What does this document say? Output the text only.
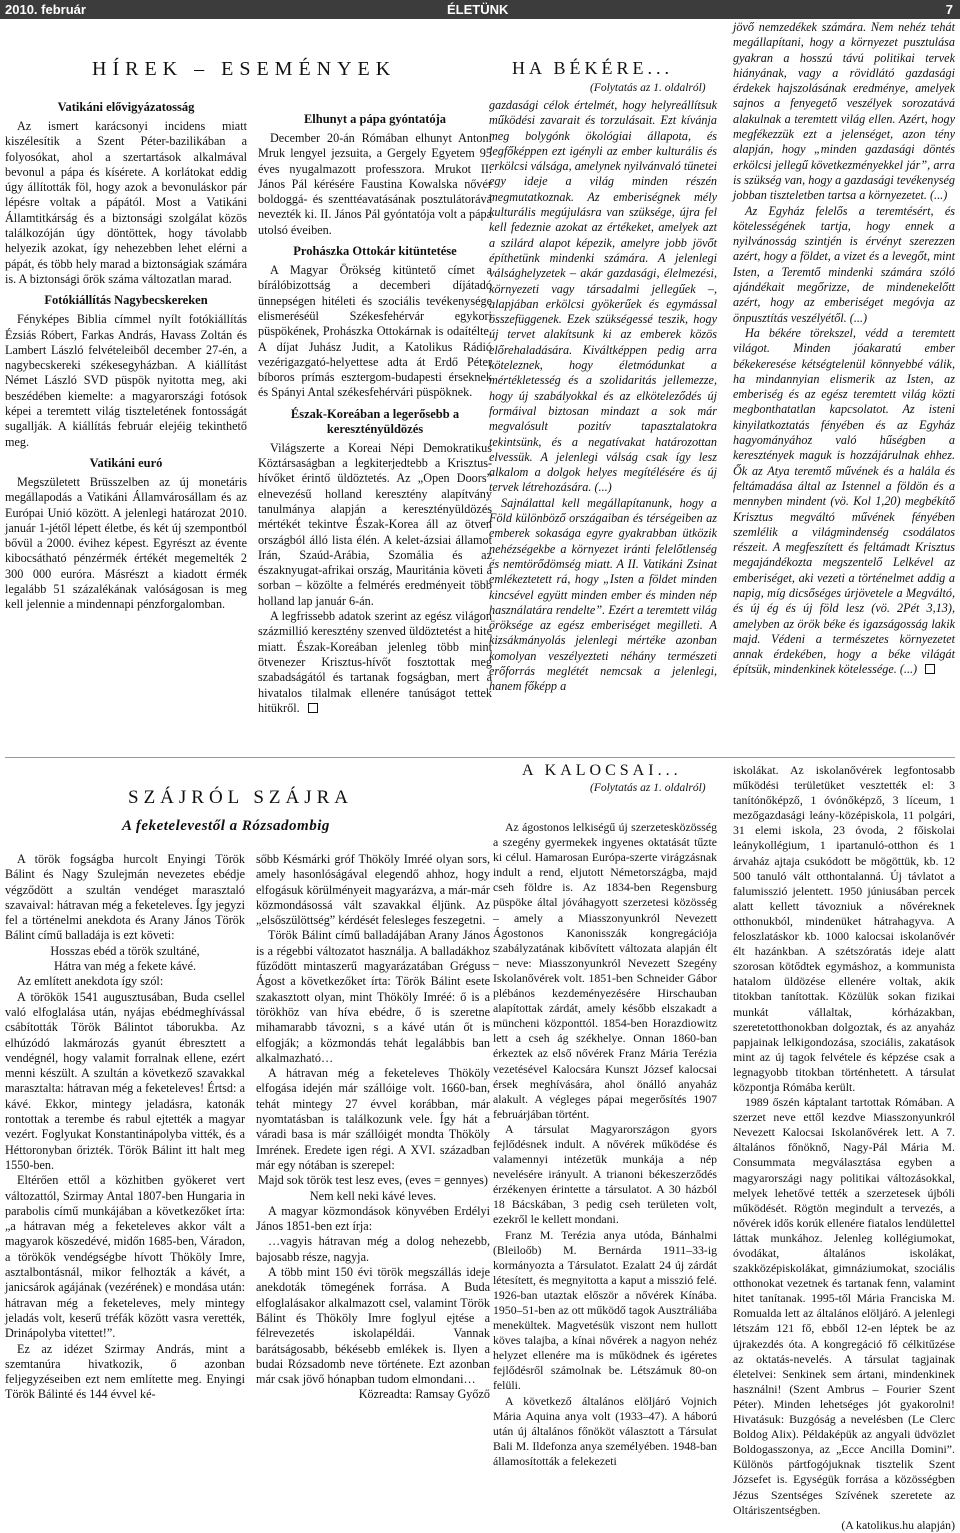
2010. február	ÉLETÜNK	7
HÍREK – ESEMÉNYEK
Vatikáni elővigyázatosság

Az ismert karácsonyi incidens miatt kiszélesítik a Szent Péter-bazilikában a folyosókat, ahol a szertartások alkalmával bevonul a pápa és kísérete. A korlátokat eddig úgy állították föl, hogy azok a bevonuláskor pár lépésre voltak a pápától. Most a Vatikáni Államtitkárság és a biztonsági szolgálat közös találkozóján úgy döntöttek, hogy távolabb helyezik azokat, így nehezebben lehet elérni a pápát, és több hely marad a biztonságiak számára is. A biztonsági őrök száma változatlan marad.

Fotókiállítás Nagybecskereken

Fényképes Biblia címmel nyílt fotókiállítás Ézsiás Róbert, Farkas András, Havass Zoltán és Lambert László felvételeiből december 27-én, a nagybecskereki székesegyházban. A kiállítást Német László SVD püspök nyitotta meg, aki beszédében kiemelte: a magyarországi fotósok képei a teremtett világ tiszteletének fontosságát sugallják. A kiállítás február elejéig tekinthető meg.

Vatikáni euró

Megszületett Brüsszelben az új monetáris megállapodás a Vatikáni Államvárosállam és az Európai Unió között. A jelenlegi határozat 2010. január 1-jétől lépett életbe, és két új szempontból bővül a 2000. évihez képest. Egyrészt az évente kibocsátható pénzérmék értékét megemelték 2 300 000 euróra. Másrészt a kiadott érmék legalább 51 százalékának valóságosan is meg kell jelennie a mindennapi pénzforgalomban.

Elhunyt a pápa gyóntatója

December 20-án Rómában elhunyt Antoni Mruk lengyel jezsuita, a Gergely Egyetem 95 éves nyugalmazott professzora. Mrukot II. János Pál kérésére Faustina Kowalska nővér boldoggá- és szenttéavatásának posztulátorává nevezték ki. II. János Pál gyóntatója volt a pápa utolsó éveiben.

Prohászka Ottokár kitüntetése

A Magyar Örökség kitüntető címet a bírálóbizottság a decemberi díjátadó ünnepségen hitéleti és szociális tevékenysége elismeréséül Székesfehérvár egykori püspökének, Prohászka Ottokárnak is odaítélte. A díjat Juhász Judit, a Katolikus Rádió vezérigazgató-helyettese adta át Erdő Péter bíboros prímás esztergom-budapesti érseknek és Spányi Antal székesfehérvári püspöknek.

Észak-Koreában a legerősebb a keresztényüldözés

Világszerte a Koreai Népi Demokratikus Köztársaságban a legkiterjedtebb a Krisztus-hívőket érintő üldöztetés. Az „Open Doors” elnevezésű holland keresztény alapítvány tanulmánya alapján a keresztényüldözés mértékét tekintve Észak-Korea áll az ötven országból álló lista élén. A kelet-ázsiai államot Irán, Szaúd-Arábia, Szomália és az északnyugat-afrikai ország, Mauritánia követi a sorban – közölte a felmérés eredményeit több holland lap január 6-án.

A legfrissebb adatok szerint az egész világon százmillió keresztény szenved üldöztetést a hite miatt. Észak-Koreában jelenleg több mint ötvenezer Krisztus-hívőt fosztottak meg szabadságától és tartanak fogságban, mert a hivatalos tilalmak ellenére tanúságot tettek hitükről.

HA BÉKÉRE...
(Folytatás az 1. oldalról)

gazdasági célok értelmét, hogy helyreállítsuk működési zavarait és torzulásait. Ezt kívánja meg bolygónk ökológiai állapota, és legfőképpen ezt igényli az ember kulturális és erkölcsi válsága, amelynek nyilvánvaló tünetei egy ideje a világ minden részén megmutatkoznak. Az emberiségnek mély kulturális megújulásra van szüksége, újra fel kell fedeznie azokat az értékeket, amelyek azt a szilárd alapot képezik, amelyre jobb jövőt építhetünk mindenki számára. A jelenlegi válsághelyzetek – akár gazdasági, élelmezési, környezeti vagy társadalmi jellegűek –, alapjában erkölcsi gyökerűek és egymással összefüggenek. Ezek szükségessé teszik, hogy új tervet alakítsunk ki az emberek közös előrehaladására. Kiváltképpen pedig arra köteleznek, hogy életmódunkat a mértékletesség és a szolidaritás jellemezze, hogy új szabályokkal és az elköteleződés új formáival biztosan mindazt a sok már megvalósult pozitív tapasztalatokra tekintsünk, és a negatívakat határozottan elvessük. A jelenlegi válság csak így lesz alkalom a dolgok helyes megítélésére és új tervek létrehozására. (...)

Sajnálattal kell megállapítanunk, hogy a Föld különböző országaiban és térségeiben az emberek sokasága egyre gyakrabban ütközik nehézségekbe a környezet iránti felelőtlenség és nemtörődömség miatt. A II. Vatikáni Zsinat emlékeztetett rá, hogy „Isten a földet minden kincsével együtt minden ember és minden nép használatára rendelte”. Ezért a teremtett világ öröksége az egész emberiséget megilleti. A kizsákmányolás jelenlegi mértéke azonban komolyan veszélyezteti néhány természeti erőforrás meglétét nemcsak a jelenlegi, hanem főképp a

jövő nemzedékek számára. Nem nehéz tehát megállapítani, hogy a környezet pusztulása gyakran a hosszú távú politikai tervek hiányának, vagy a rövidlátó gazdasági érdekek hajszolásának eredménye, amelyek sajnos a fenyegető veszélyek sorozatává alakulnak a teremtett világ ellen. Azért, hogy megfékezzük ezt a jelenséget, azon tény alapján, hogy „minden gazdasági döntés erkölcsi jellegű következményekkel jár”, arra is szükség van, hogy a gazdasági tevékenység jobban tiszteletben tartsa a környezetet. (...)

Az Egyház felelős a teremtésért, és kötelességének tartja, hogy ennek a nyilvánosság szintjén is érvényt szerezzen azért, hogy a földet, a vizet és a levegőt, mint Isten, a Teremtő mindenki számára szóló ajándékait megőrizze, de mindenekelőtt azért, hogy az emberiséget megóvja az önpusztítás veszélyétől. (...)

Ha békére törekszel, védd a teremtett világot. Minden jóakaratú ember békekeresése kétségtelenül könnyebbé válik, ha mindannyian elismerik az Isten, az emberiség és az egész teremtett világ közti megbonthatatlan kapcsolatot. Az isteni kinyilatkoztatás fényében és az Egyház hagyományához való hűségben a keresztények maguk is hozzájárulnak ehhez. Ők az Atya teremtő művének és a halála és feltámadása által az Istennel a földön és a mennyben mindent (vö. Kol 1,20) megbékítő Krisztus megváltó művének fényében szemlélik a világmindenség csodálatos részeit. A megfeszített és feltámadt Krisztus megajándékozta megszentelő Lelkével az emberiséget, aki vezeti a történelmet addig a napig, míg dicsőséges úrjövetele a Megváltó, és új ég és új föld lesz (vö. 2Pét 3,13), amelyben az örök béke és igazságosság lakik majd. Védeni a természetes környezetet annak érdekében, hogy a béke világát építsük, mindenkinek kötelessége. (...)

SZÁJRÓL SZÁJRA
A feketelevestől a Rózsadombig

A török fogságba hurcolt Enyingi Török Bálint és Nagy Szulejmán nevezetes ebédje végződött a szultán vendéget marasztaló szavaival: hátravan még a feketeleves. Így jegyzi fel a történelmi anekdota és Arany János Török Bálint című balladája is ezt követi:

Hosszas ebéd a török szultáné,

Hátra van még a fekete kávé.

Az említett anekdota így szól:

A törökök 1541 augusztusában, Buda csellel való elfoglalása után, nyájas ebédmeghívással csábították Török Bálintot táborukba. Az elhúzódó lakmározás gyanút ébresztett a vendégnél, hogy valamit forralnak ellene, ezért menni készült. A szultán a következő szavakkal marasztalta: hátravan még a feketeleves! Értsd: a kávé. Ekkor, mintegy jeladásra, katonák rontottak a terembe és rabul ejtették a magyar vezért. Foglyukat Konstantinápolyba vitték, és a Héttoronyban őrizték. Török Bálint itt halt meg 1550-ben.

Eltérően ettől a közhitben gyökeret vert változattól, Szirmay Antal 1807-ben Hungaria in parabolis című munkájában a következőket írta: „a hátravan még a feketeleves akkor vált a magyarok köszedévé, midőn 1685-ben, Váradon, a törökök vendégségbe hívott Thököly Imre, asztalbontásnál, mikor felhozták a kávét, a janicsárok agájának (vezérének) e mondása után: hátravan még a feketeleves, mely mintegy jeladás volt, keserű tréfák között vasra verették, Drinápolyba vitettet!”.

Ez az idézet Szirmay András, mint a szemtanúra hivatkozik, ő azonban feljegyzéseiben ezt nem említette meg. Enyingi Török Bálinté és 144 évvel ké-

sőbb Késmárki gróf Thököly Imréé olyan sors, amely hasonlóságával elegendő ahhoz, hogy elfogásuk körülményeit magyarázva, a már-már közmondásossá vált szavakkal éljünk. Az „elsőszülöttség” kérdését felesleges feszegetni.

Török Bálint című balladájában Arany János is a régebbi változatot használja. A balladákhoz fűződött mintaszerű magyarázatában Gréguss Ágost a következőket írta: Török Bálint esete szakasztott olyan, mint Thököly Imréé: ő is a törökhöz van híva ebédre, ő is szeretne mihamarabb távozni, s a kávé után őt is elfogják; a közmondás tehát legalábbis ban alkalmazható…

A hátravan még a feketeleves Thököly elfogása idején már szállóige volt. 1660-ban, tehát mintegy 27 évvel korábban, már nyomtatásban is találkozunk vele. Így hát a váradi basa is már szállóigét mondta Thököly Imrének. Eredete igen régi. A XVI. században már egy nótában is szerepel:

Majd sok török test lesz eves, (eves = gennyes)

Nem kell neki kávé leves.

A magyar közmondások könyvében Erdélyi János 1851-ben ezt írja:

…vagyis hátravan még a dolog nehezebb, bajosabb része, nagyja.

A több mint 150 évi török megszállás ideje anekdoták tömegének forrása. A Buda elfoglalásakor alkalmazott csel, valamint Török Bálint és Thököly Imre foglyul ejtése a félrevezetés iskolapéldái. Vannak barátságosabb, békésebb emlékek is. Ilyen a budai Rózsadomb neve története. Ezt azonban már csak jövő hónapban tudom elmondani…

Közreadta: Ramsay Győző

A KALOCSAI...
(Folytatás az 1. oldalról)

Az ágostonos lelkiségű új szerzetesközösség a szegény gyermekek ingyenes oktatását tűzte ki célul. Hamarosan Európa-szerte virágzásnak indult a rend, eljutott Németországba, majd cseh földre is. Az 1834-ben Regensburg püspöke által jóváhagyott szerzetesi közösség – amely a Miasszonyunkról Nevezett Ágostonos Kanonisszák kongregációja szabályzatának kibővített változata alapján élt – neve: Miasszonyunkról Nevezett Szegény Iskolanővérek volt. 1851-ben Schneider Gábor plébános kezdeményezésére Hirschauban alapítottak zárdát, amely később elszakadt a müncheni központtól. 1854-ben Horazdiowitz lett a cseh ág székhelye. Onnan 1860-ban érkeztek az első nővérek Franz Mária Terézia vezetésével Kalocsára Kunszt József kalocsai érsek meghívására, ahol önálló anyaház alakult. A végleges pápai megerősítés 1907 februárjában történt.

A társulat Magyarországon gyors fejlődésnek indult. A nővérek működése és valamennyi intézetük munkája a nép nevelésére irányult. A trianoni békeszerződés érzékenyen érintette a társulatot. A 30 házból 18 Bácskában, 3 pedig cseh területen volt, ezekről le kellett mondani.

Franz M. Terézia anya utóda, Bánhalmi (Bleiloőb) M. Bernárda 1911–33-ig kormányozta a Társulatot. Ezalatt 24 új zárdát létesített, és megnyitotta a kaput a misszió felé. 1926-ban utaztak először a nővérek Kínába. 1950–51-ben az ott működő tagok Ausztráliába menekültek. Magvetésük viszont nem hullott köves talajba, a kínai nővérek a nagyon nehéz helyzet ellenére ma is működnek és igéretes fejlődésről számolnak be. Létszámuk 80-on felüli.

A következő általános elöljáró Vojnich Mária Aquina anya volt (1933–47). A háború után új általános főnököt választott a Társulat Bali M. Ildefonza anya személyében. 1948-ban államosították a felekezeti

iskolákat. Az iskolanővérek legfontosabb működési területüket vesztették el: 3 tanítónőképző, 1 óvónőképző, 3 líceum, 1 mezőgazdasági leány-középiskola, 11 polgári, 31 elemi iskola, 23 óvoda, 2 főiskolai leánykollégium, 1 ipartanuló-otthon és 1 árvaház ajtaja csukódott be mögöttük, kb. 12 500 tanuló vált otthontalanná. Új távlatot a falumisszió jelentett. 1950 júniusában percek alatt kellett távozniuk a nővéreknek otthonukból, mindenüket hátrahagyva. A feloszlatáskor kb. 1000 kalocsai iskolanővér élt hazánkban. A szétszóratás ideje alatt szorosan kötődtek egymáshoz, a kommunista hatalom üldözése ellenére voltak, akik titokban tanítottak. Közülük sokan fizikai munkát vállaltak, kórházakban, szeretetotthonokban dolgoztak, és az anyaház papjainak lelkigondozása, szociális, zakatások mint az új tagok felvétele és képzése csak a legnagyobb titokban történhetett. A társulat központja Rómába került.

1989 őszén káptalant tartottak Rómában. A szerzet neve ettől kezdve Miasszonyunkról Nevezett Kalocsai Iskolanővérek lett. A 7. általános főnöknő, Nagy-Pál Mária M. Consummata megválasztása egyben a magyarországi nagy politikai változásokkal, melyek lehetővé tették a szerzetesek újbóli működését. Rögtön megindult a tervezés, a nővérek idős korúk ellenére fiatalos lendülettel láttak munkához. Jelenleg kollégiumokat, óvodákat, általános iskolákat, szakközépiskolákat, gimnáziumokat, szociális otthonokat vezetnek és tartanak fenn, valamint hitet tanítanak. 1995-től Mária Franciska M. Romualda lett az általános elöljáró. A jelenlegi létszám 121 fő, ebből 12-en léptek be az újrakezdés óta. A kongregáció fő célkitűzése az oktatás-nevelés. A társulat tagjainak életelvei: Senkinek sem ártani, mindenkinek használni! (Szent Ambrus – Fourier Szent Péter). Minden lehetséges jót gyakorolni! Hivatásuk: Buzgóság a nevelésben (Le Clerc Boldog Alix). Példaképük az angyali üdvözlet Boldogasszonya, az „Ecce Ancilla Domini”. Különös pártfogójuknak tisztelik Szent Józsefet is. Egységük forrása a közösségben Jézus Szentséges Szívének szeretete az Oltáriszentségben.

(A katolikus.hu alapján)
